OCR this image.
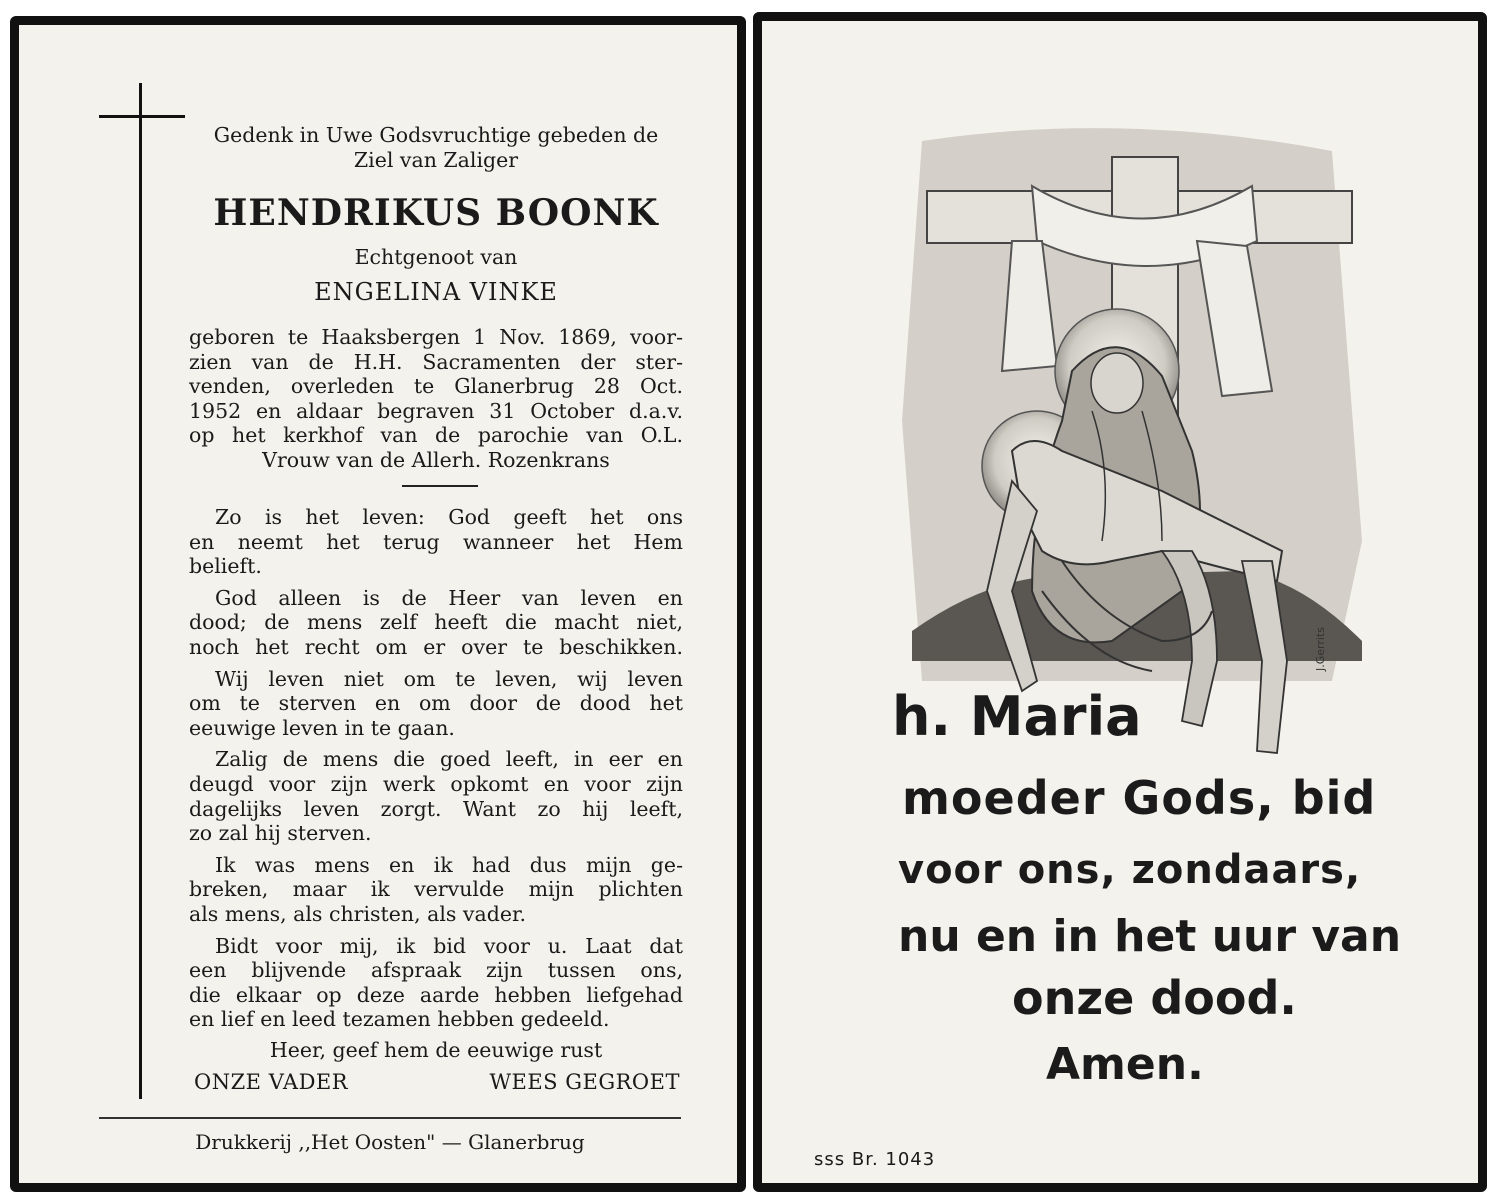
Gedenk in Uwe Godsvruchtige gebeden de
Ziel van Zaliger
HENDRIKUS BOONK
Echtgenoot van
ENGELINA VINKE

geboren te Haaksbergen 1 Nov. 1869, voor-

zien van de H.H. Sacramenten der ster-

venden, overleden te Glanerbrug 28 Oct.

1952 en aldaar begraven 31 October d.a.v.

op het kerkhof van de parochie van O.L.

Vrouw van de Allerh. Rozenkrans

Zo is het leven: God geeft het ons

en neemt het terug wanneer het Hem

belieft.

God alleen is de Heer van leven en

dood; de mens zelf heeft die macht niet,

noch het recht om er over te beschikken.

Wij leven niet om te leven, wij leven

om te sterven en om door de dood het

eeuwige leven in te gaan.

Zalig de mens die goed leeft, in eer en

deugd voor zijn werk opkomt en voor zijn

dagelijks leven zorgt. Want zo hij leeft,

zo zal hij sterven.

Ik was mens en ik had dus mijn ge-

breken, maar ik vervulde mijn plichten

als mens, als christen, als vader.

Bidt voor mij, ik bid voor u. Laat dat

een blijvende afspraak zijn tussen ons,

die elkaar op deze aarde hebben liefgehad

en lief en leed tezamen hebben gedeeld.

Heer, geef hem de eeuwige rust
ONZE VADER	WEES GEGROET
Drukkerij ,,Het Oosten" — Glanerbrug
h. Maria
moeder Gods, bid
voor ons, zondaars,
nu en in het uur van
onze dood.
Amen.
J.Gerrits
sss Br. 1043
